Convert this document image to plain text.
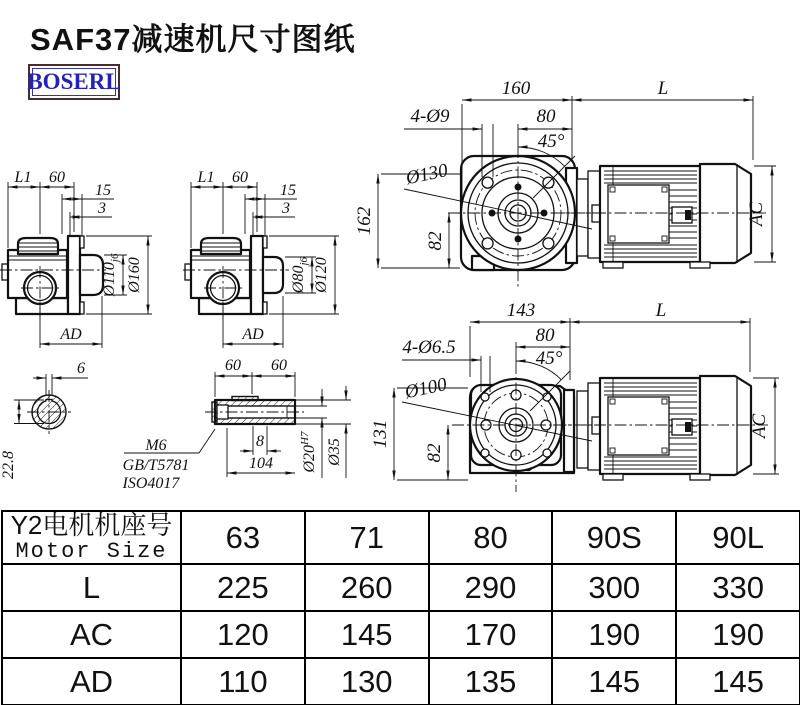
SAF37减速机尺寸图纸
BOSERL
L1 60
15
3
$Ø110_{j6}$ Ø160
AD
L1 60
15
3
$Ø80_{j6}$ Ø120
AD
45°
160	L
4-Ø9	80
Ø130
162
82
AC
45°
143	L
4-Ø6.5
80
Ø100
131
82
AC
6
22.8
60 60
8
104 $Ø20^{H7}$ Ø35
M6
GB/T5781
ISO4017
Y2电机机座号
Motor Size	63	71	80	90S	90L
L	225	260	290	300	330
AC	120	145	170	190	190
AD	110	130	135	145	145
